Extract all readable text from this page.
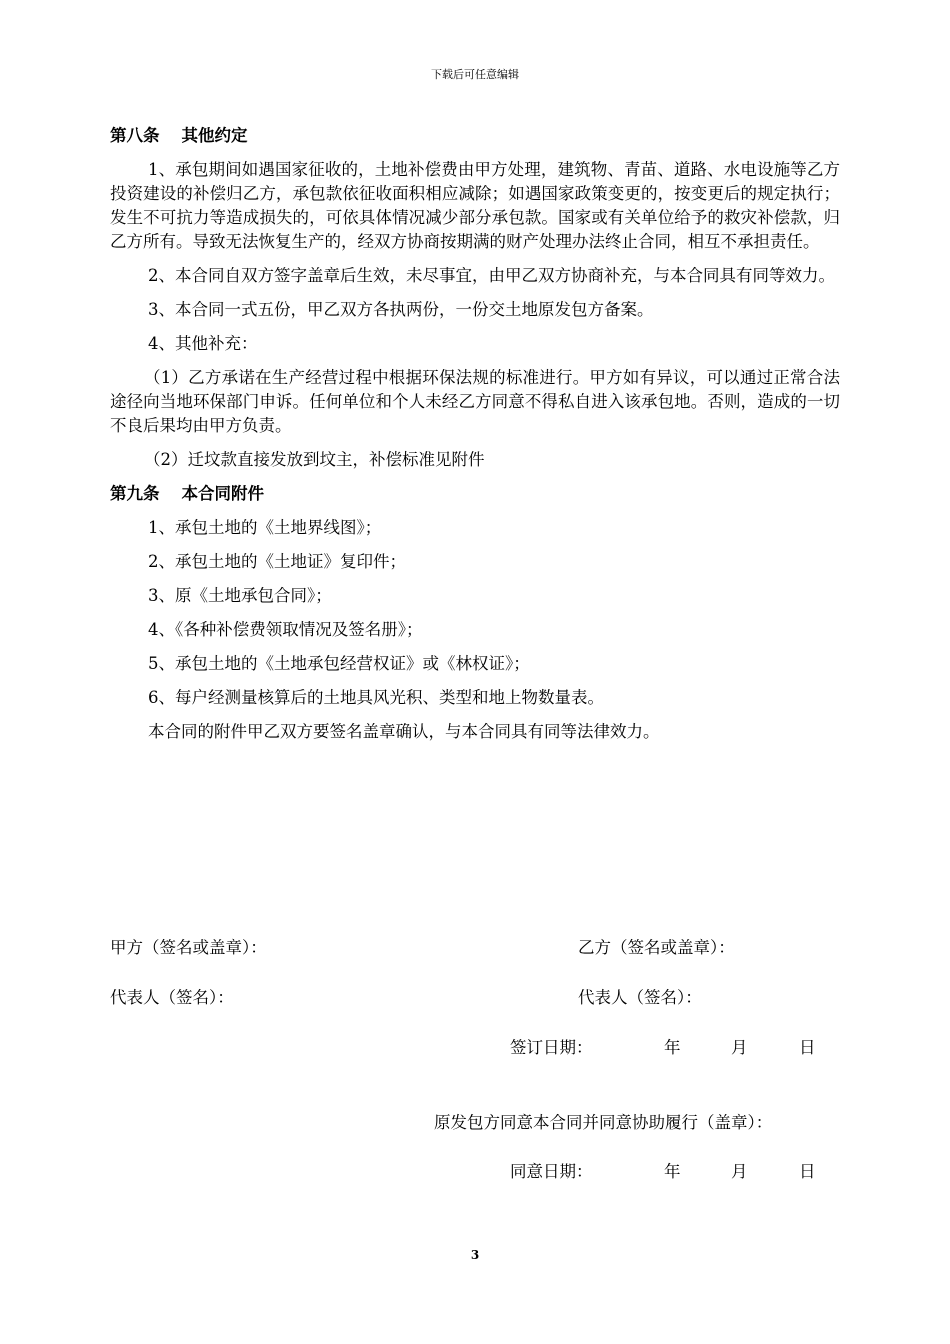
下载后可任意编辑
第八条 其他约定

1、承包期间如遇国家征收的，土地补偿费由甲方处理，建筑物、青苗、道路、水电设施等乙方投资建设的补偿归乙方，承包款依征收面积相应减除；如遇国家政策变更的，按变更后的规定执行；发生不可抗力等造成损失的，可依具体情况减少部分承包款。国家或有关单位给予的救灾补偿款，归乙方所有。导致无法恢复生产的，经双方协商按期满的财产处理办法终止合同，相互不承担责任。

2、本合同自双方签字盖章后生效，未尽事宜，由甲乙双方协商补充，与本合同具有同等效力。

3、本合同一式五份，甲乙双方各执两份，一份交土地原发包方备案。

4、其他补充：

（1）乙方承诺在生产经营过程中根据环保法规的标准进行。甲方如有异议，可以通过正常合法途径向当地环保部门申诉。任何单位和个人未经乙方同意不得私自进入该承包地。否则，造成的一切不良后果均由甲方负责。

（2）迁坟款直接发放到坟主，补偿标准见附件

第九条 本合同附件

1、承包土地的《土地界线图》；

2、承包土地的《土地证》复印件；

3、原《土地承包合同》；

4、《各种补偿费领取情况及签名册》；

5、承包土地的《土地承包经营权证》或《林权证》；

6、每户经测量核算后的土地具风光积、类型和地上物数量表。

本合同的附件甲乙双方要签名盖章确认，与本合同具有同等法律效力。

甲方（签名或盖章）：	乙方（签名或盖章）：
代表人（签名）：	代表人（签名）：
签订日期：	年	月	日
原发包方同意本合同并同意协助履行（盖章）：
同意日期：	年	月	日
3
